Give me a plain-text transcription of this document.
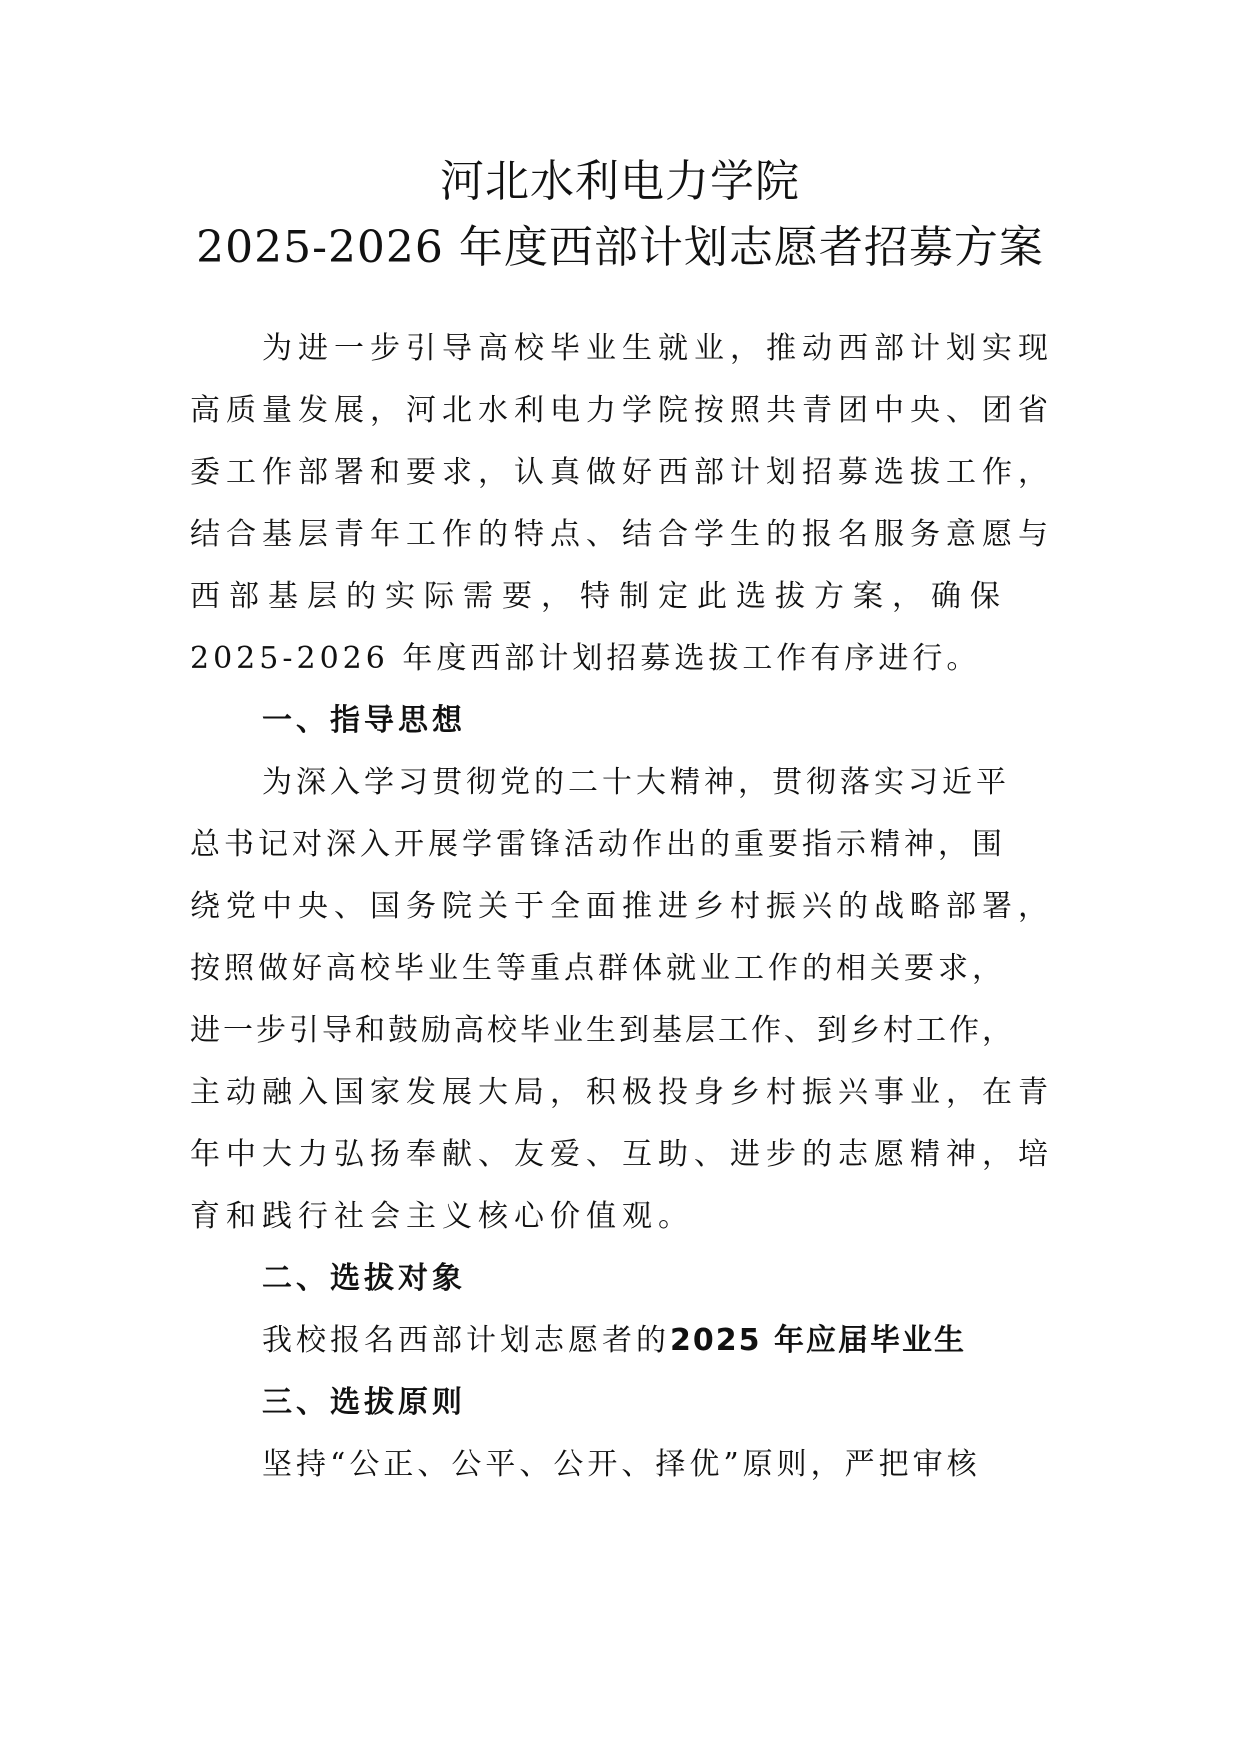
河北水利电力学院
2025-2026 年度西部计划志愿者招募方案
为进一步引导高校毕业生就业，推动西部计划实现
高质量发展，河北水利电力学院按照共青团中央、团省
委工作部署和要求，认真做好西部计划招募选拔工作，
结合基层青年工作的特点、结合学生的报名服务意愿与
西部基层的实际需要，特制定此选拔方案，确保
2025-2026 年度西部计划招募选拔工作有序进行。
一、指导思想
为深入学习贯彻党的二十大精神，贯彻落实习近平
总书记对深入开展学雷锋活动作出的重要指示精神，围
绕党中央、国务院关于全面推进乡村振兴的战略部署，
按照做好高校毕业生等重点群体就业工作的相关要求，
进一步引导和鼓励高校毕业生到基层工作、到乡村工作，
主动融入国家发展大局，积极投身乡村振兴事业，在青
年中大力弘扬奉献、友爱、互助、进步的志愿精神，培
育和践行社会主义核心价值观。
二、选拔对象
我校报名西部计划志愿者的2025 年应届毕业生
三、选拔原则
坚持“公正、公平、公开、择优”原则，严把审核
